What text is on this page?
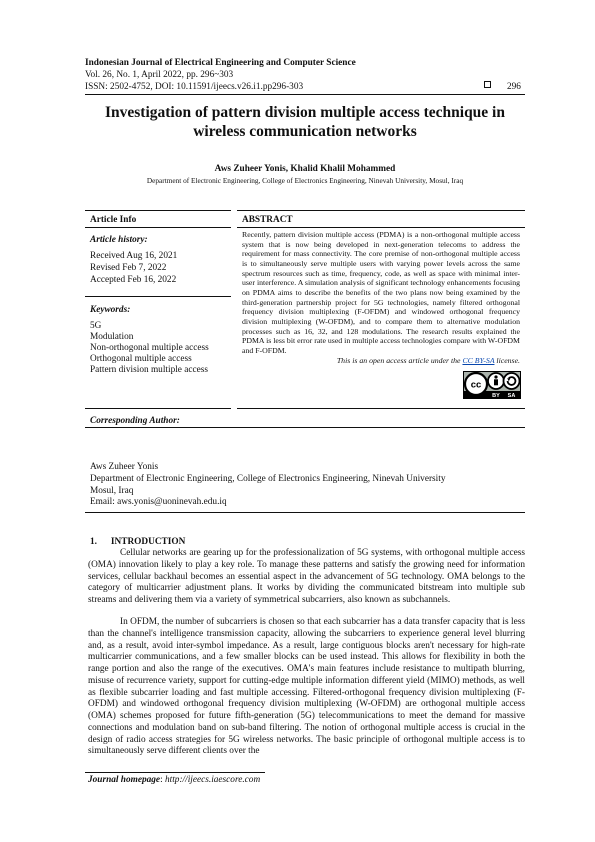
Indonesian Journal of Electrical Engineering and Computer Science
Vol. 26, No. 1, April 2022, pp. 296~303
ISSN: 2502-4752, DOI: 10.11591/ijeecs.v26.i1.pp296-303	296
Investigation of pattern division multiple access technique in wireless communication networks
Aws Zuheer Yonis, Khalid Khalil Mohammed
Department of Electronic Engineering, College of Electronics Engineering, Ninevah University, Mosul, Iraq
Article Info
Article history:
Received Aug 16, 2021
Revised Feb 7, 2022
Accepted Feb 16, 2022
Keywords:
5G
Modulation
Non-orthogonal multiple access
Orthogonal multiple access
Pattern division multiple access
ABSTRACT

Recently, pattern division multiple access (PDMA) is a non-orthogonal multiple access system that is now being developed in next-generation telecoms to address the requirement for mass connectivity. The core premise of non-orthogonal multiple access is to simultaneously serve multiple users with varying power levels across the same spectrum resources such as time, frequency, code, as well as space with minimal inter-user interference. A simulation analysis of significant technology enhancements focusing on PDMA aims to describe the benefits of the two plans now being examined by the third-generation partnership project for 5G technologies, namely filtered orthogonal frequency division multiplexing (F-OFDM) and windowed orthogonal frequency division multiplexing (W-OFDM), and to compare them to alternative modulation processes such as 16, 32, and 128 modulations. The research results explained the PDMA is less bit error rate used in multiple access technologies compare with W-OFDM and F-OFDM.

This is an open access article under the CC BY-SA license.
cc
BY SA
Corresponding Author:
Aws Zuheer Yonis
Department of Electronic Engineering, College of Electronics Engineering, Ninevah University
Mosul, Iraq
Email: aws.yonis@uoninevah.edu.iq
1.      INTRODUCTION

Cellular networks are gearing up for the professionalization of 5G systems, with orthogonal multiple access (OMA) innovation likely to play a key role. To manage these patterns and satisfy the growing need for information services, cellular backhaul becomes an essential aspect in the advancement of 5G technology. OMA belongs to the category of multicarrier adjustment plans. It works by dividing the communicated bitstream into multiple sub streams and delivering them via a variety of symmetrical subcarriers, also known as subchannels.

In OFDM, the number of subcarriers is chosen so that each subcarrier has a data transfer capacity that is less than the channel's intelligence transmission capacity, allowing the subcarriers to experience general level blurring and, as a result, avoid inter-symbol impedance. As a result, large contiguous blocks aren't necessary for high-rate multicarrier communications, and a few smaller blocks can be used instead. This allows for flexibility in both the range portion and also the range of the executives. OMA's main features include resistance to multipath blurring, misuse of recurrence variety, support for cutting-edge multiple information different yield (MIMO) methods, as well as flexible subcarrier loading and fast multiple accessing. Filtered-orthogonal frequency division multiplexing (F-OFDM) and windowed orthogonal frequency division multiplexing (W-OFDM) are orthogonal multiple access (OMA) schemes proposed for future fifth-generation (5G) telecommunications to meet the demand for massive connections and modulation band on sub-band filtering. The notion of orthogonal multiple access is crucial in the design of radio access strategies for 5G wireless networks. The basic principle of orthogonal multiple access is to simultaneously serve different clients over the

Journal homepage: http://ijeecs.iaescore.com
